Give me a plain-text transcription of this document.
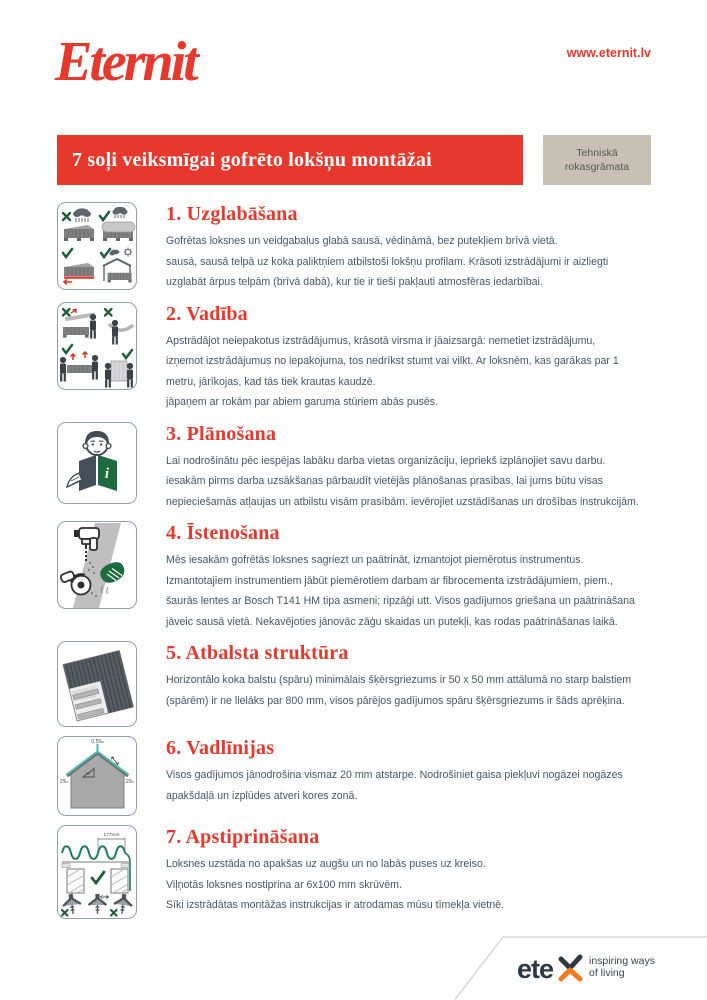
Eternit	www.eternit.lv
7 soļi veiksmīgai gofrēto lokšņu montāžai	Tehniskā
rokasgrāmata
1. Uzglabāšana
Gofrētas loksnes un veidgabalus glabā sausā, vēdināmā, bez putekļiem brīvā vietā.
sausā, sausā telpā uz koka paliktņiem atbilstoši lokšņu profilam. Krāsoti izstrādājumi ir aizliegti
uzglabāt ārpus telpām (brīvā dabā), kur tie ir tieši pakļauti atmosfēras iedarbībai.
2. Vadība
Apstrādājot neiepakotus izstrādājumus, krāsotā virsma ir jāaizsargā: nemetiet izstrādājumu,
izņemot izstrādājumus no iepakojuma, tos nedrīkst stumt vai vilkt. Ar loksnēm, kas garākas par 1
metru, jārīkojas, kad tās tiek krautas kaudzē.
jāpaņem ar rokām par abiem garuma stūriem abās pusēs.
i
3. Plānošana
Lai nodrošinātu pēc iespējas labāku darba vietas organizāciju, iepriekš izplānojiet savu darbu.
iesakām pirms darba uzsākšanas pārbaudīt vietējās plānošanas prasības, lai jums būtu visas
nepieciešamās atļaujas un atbilstu visām prasībām. ievērojiet uzstādīšanas un drošības instrukcijām.
4. Īstenošana
Mēs iesakām gofrētās loksnes sagriezt un paātrināt, izmantojot piemērotus instrumentus.
Izmantotajiem instrumentiem jābūt piemērotiem darbam ar fibrocementa izstrādājumiem, piem.,
šaurās lentes ar Bosch T141 HM tipa asmeni; ripzāģi utt. Visos gadījumos griešana un paātrināšana
jāveic sausā vietā. Nekavējoties jānovāc zāģu skaidas un putekļi, kas rodas paātrināšanas laikā.
5. Atbalsta struktūra
Horizontālo koka balstu (spāru) minimālais šķērsgriezums ir 50 x 50 mm attālumā no starp balstiem
(spārēm) ir ne lielāks par 800 mm, visos pārējos gadījumos spāru šķērsgriezums ir šāds aprēķina.
0,5‰
≥5°
2‰	2‰
6. Vadlīnijas
Visos gadījumos jānodrošina vismaz 20 mm atstarpe. Nodrošiniet gaisa piekļuvi nogāzei nogāzes
apakšdaļā un izplūdes atveri kores zonā.
177mm 7. Apstiprināšana
Loksnes uzstāda no apakšas uz augšu un no labās puses uz kreiso.
Viļņotās loksnes nostiprina ar 6x100 mm skrūvēm.
Sīki izstrādātas montāžas instrukcijas ir atrodamas mūsu tīmekļa vietnē.
ete	inspiring ways
of living
